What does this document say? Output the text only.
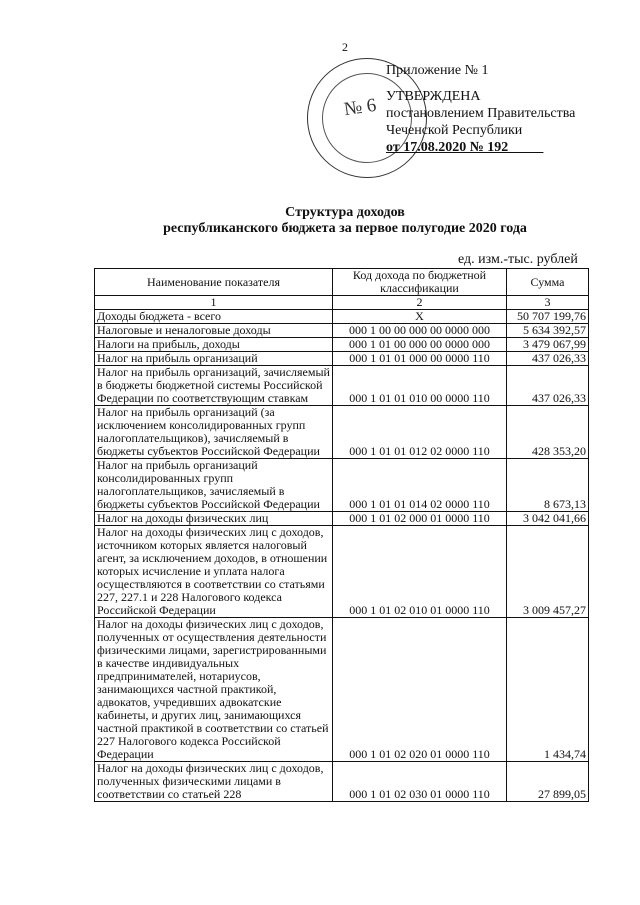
2
№ 6
Приложение № 1
УТВЕРЖДЕНА
постановлением Правительства
Чеченской Республики
от 17.08.2020 № 192_____
Структура доходов
республиканского бюджета за первое полугодие 2020 года
ед. изм.-тыс. рублей
Наименование показателя	Код дохода по бюджетной классификации	Сумма
1	2	3
Доходы бюджета - всего	X	50 707 199,76
Налоговые и неналоговые доходы	000 1 00 00 000 00 0000 000	5 634 392,57
Налоги на прибыль, доходы	000 1 01 00 000 00 0000 000	3 479 067,99
Налог на прибыль организаций	000 1 01 01 000 00 0000 110	437 026,33
Налог на прибыль организаций, зачисляемый в бюджеты бюджетной системы Российской Федерации по соответствующим ставкам	000 1 01 01 010 00 0000 110	437 026,33
Налог на прибыль организаций (за исключением консолидированных групп налогоплательщиков), зачисляемый в бюджеты субъектов Российской Федерации	000 1 01 01 012 02 0000 110	428 353,20
Налог на прибыль организаций консолидированных групп налогоплательщиков, зачисляемый в бюджеты субъектов Российской Федерации	000 1 01 01 014 02 0000 110	8 673,13
Налог на доходы физических лиц	000 1 01 02 000 01 0000 110	3 042 041,66
Налог на доходы физических лиц с доходов, источником которых является налоговый агент, за исключением доходов, в отношении которых исчисление и уплата налога осуществляются в соответствии со статьями 227, 227.1 и 228 Налогового кодекса Российской Федерации	000 1 01 02 010 01 0000 110	3 009 457,27
Налог на доходы физических лиц с доходов, полученных от осуществления деятельности физическими лицами, зарегистрированными в качестве индивидуальных предпринимателей, нотариусов, занимающихся частной практикой, адвокатов, учредивших адвокатские кабинеты, и других лиц, занимающихся частной практикой в соответствии со статьей 227 Налогового кодекса Российской Федерации	000 1 01 02 020 01 0000 110	1 434,74
Налог на доходы физических лиц с доходов, полученных физическими лицами в соответствии со статьей 228	000 1 01 02 030 01 0000 110	27 899,05
